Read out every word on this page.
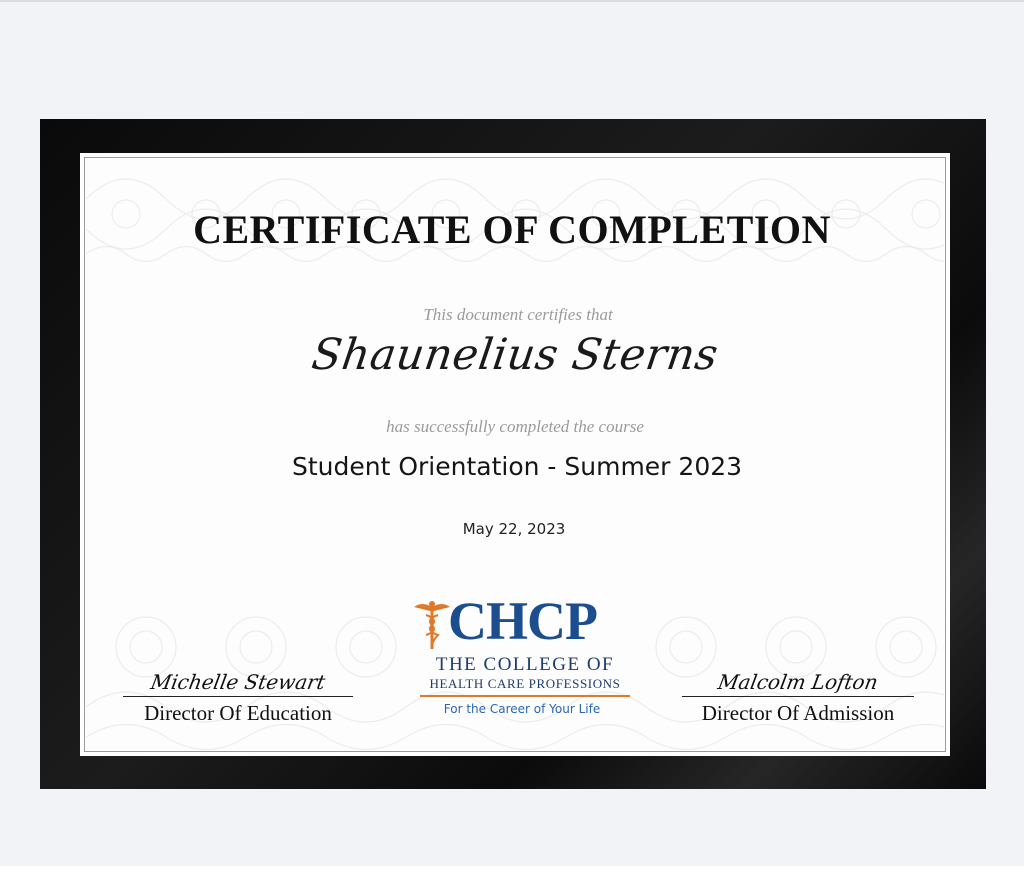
CERTIFICATE OF COMPLETION
This document certifies that
Shaunelius Sterns
has successfully completed the course
Student Orientation - Summer 2023
May 22, 2023
Michelle Stewart
Director Of Education
Malcolm Lofton
Director Of Admission
CHCP
THE COLLEGE OF
HEALTH CARE PROFESSIONS
For the Career of Your Life
